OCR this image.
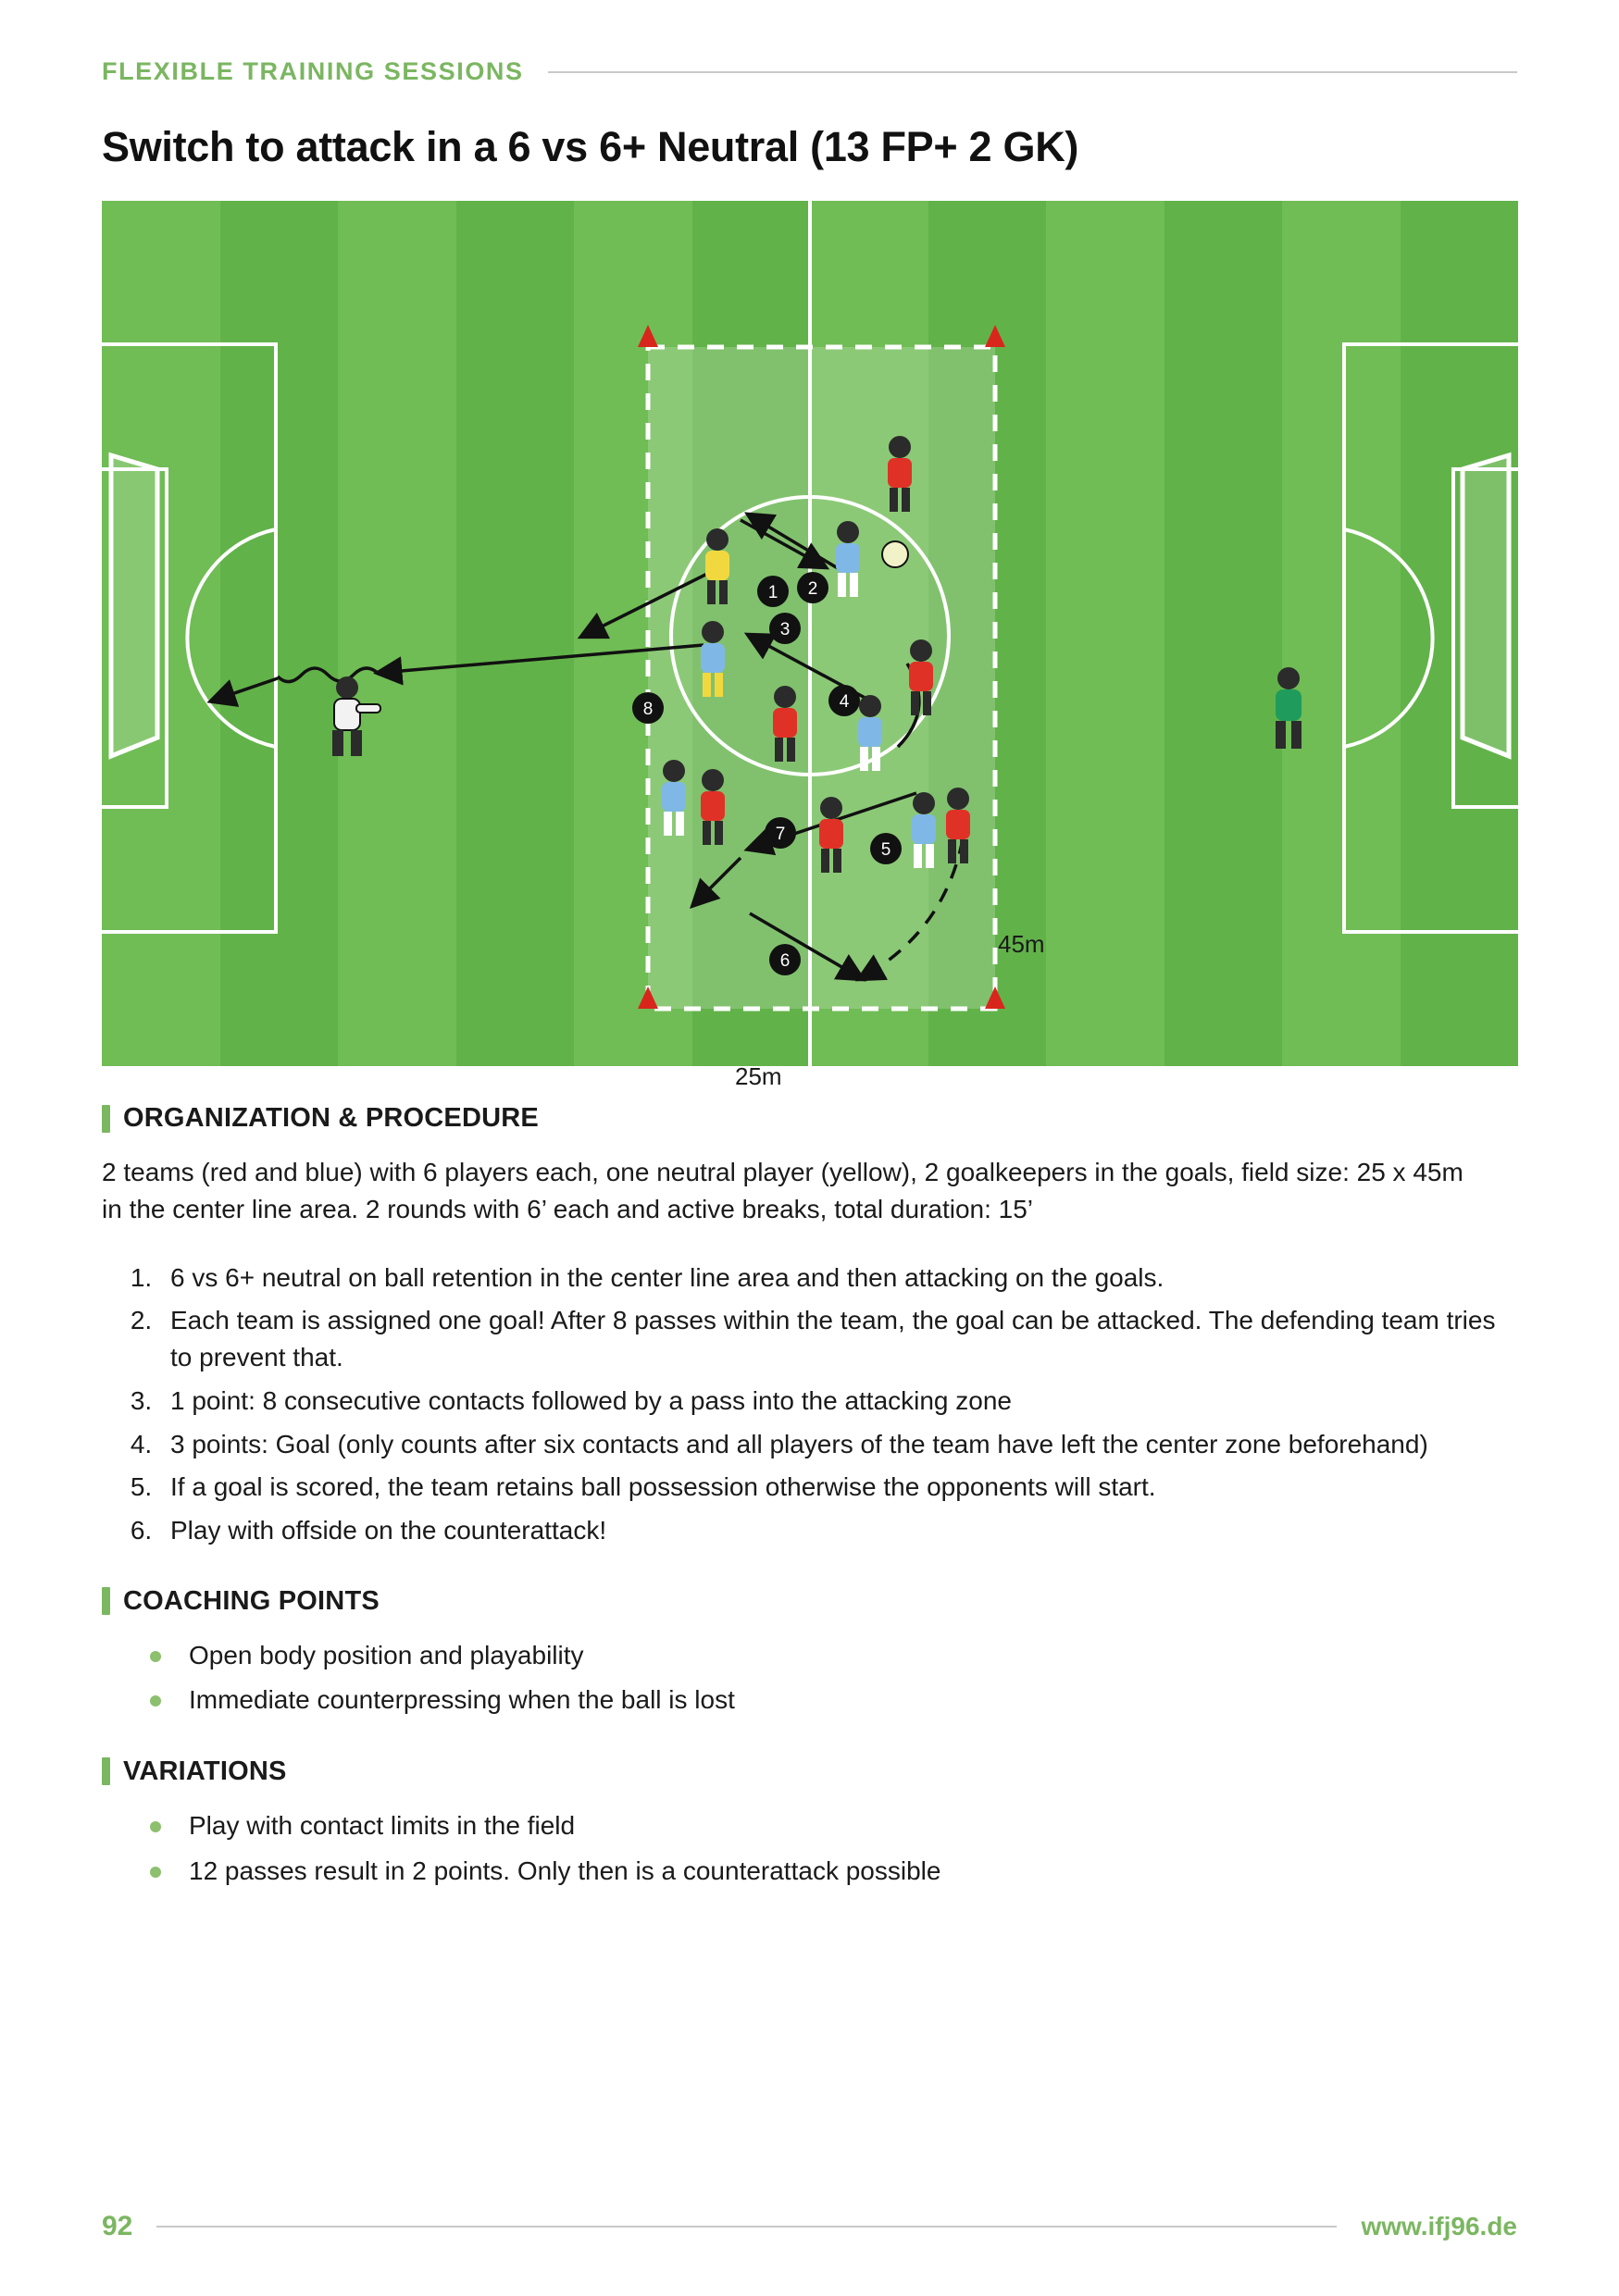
FLEXIBLE TRAINING SESSIONS
Switch to attack in a 6 vs 6+ Neutral (13 FP+ 2 GK)
45m
25m
1 2
3
4
5
6
7
8
ORGANIZATION & PROCEDURE

2 teams (red and blue) with 6 players each, one neutral player (yellow), 2 goalkeepers in the goals, field size: 25 x 45m in the center line area. 2 rounds with 6’ each and active breaks, total duration: 15’

1. 6 vs 6+ neutral on ball retention in the center line area and then attacking on the goals.
2. Each team is assigned one goal! After 8 passes within the team, the goal can be attacked. The defending team tries to prevent that.
3. 1 point: 8 consecutive contacts followed by a pass into the attacking zone
4. 3 points: Goal (only counts after six contacts and all players of the team have left the center zone beforehand)
5. If a goal is scored, the team retains ball possession otherwise the opponents will start.
6. Play with offside on the counterattack!
COACHING POINTS
Open body position and playability
Immediate counterpressing when the ball is lost
VARIATIONS
Play with contact limits in the field
12 passes result in 2 points. Only then is a counterattack possible
92	www.ifj96.de
